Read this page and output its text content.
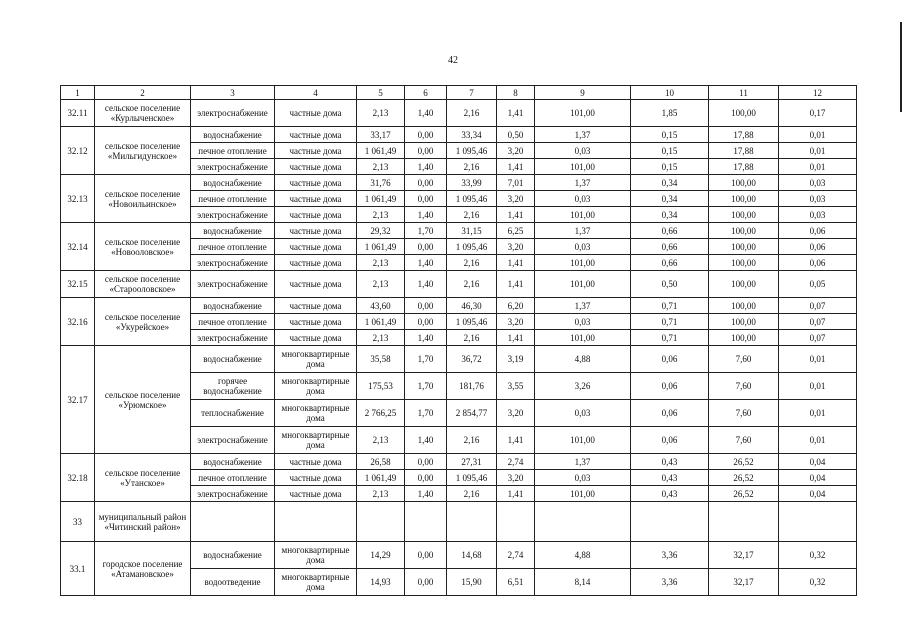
42
1	2	3	4	5	6	7	8	9	10	11	12
32.11	сельское поселение «Курлыченское»	электроснабжение	частные дома	2,13	1,40	2,16	1,41	101,00	1,85	100,00	0,17
32.12	сельское поселение «Мильгидунское»	водоснабжение	частные дома	33,17	0,00	33,34	0,50	1,37	0,15	17,88	0,01
		печное отопление	частные дома	1 061,49	0,00	1 095,46	3,20	0,03	0,15	17,88	0,01
		электроснабжение	частные дома	2,13	1,40	2,16	1,41	101,00	0,15	17,88	0,01
32.13	сельское поселение «Новоильинское»	водоснабжение	частные дома	31,76	0,00	33,99	7,01	1,37	0,34	100,00	0,03
		печное отопление	частные дома	1 061,49	0,00	1 095,46	3,20	0,03	0,34	100,00	0,03
		электроснабжение	частные дома	2,13	1,40	2,16	1,41	101,00	0,34	100,00	0,03
32.14	сельское поселение «Новооловское»	водоснабжение	частные дома	29,32	1,70	31,15	6,25	1,37	0,66	100,00	0,06
		печное отопление	частные дома	1 061,49	0,00	1 095,46	3,20	0,03	0,66	100,00	0,06
		электроснабжение	частные дома	2,13	1,40	2,16	1,41	101,00	0,66	100,00	0,06
32.15	сельское поселение «Старооловское»	электроснабжение	частные дома	2,13	1,40	2,16	1,41	101,00	0,50	100,00	0,05
32.16	сельское поселение «Укурейское»	водоснабжение	частные дома	43,60	0,00	46,30	6,20	1,37	0,71	100,00	0,07
		печное отопление	частные дома	1 061,49	0,00	1 095,46	3,20	0,03	0,71	100,00	0,07
		электроснабжение	частные дома	2,13	1,40	2,16	1,41	101,00	0,71	100,00	0,07
32.17	сельское поселение «Урюмское»	водоснабжение	многоквартирные дома	35,58	1,70	36,72	3,19	4,88	0,06	7,60	0,01
		горячее водоснабжение	многоквартирные дома	175,53	1,70	181,76	3,55	3,26	0,06	7,60	0,01
		теплоснабжение	многоквартирные дома	2 766,25	1,70	2 854,77	3,20	0,03	0,06	7,60	0,01
		электроснабжение	многоквартирные дома	2,13	1,40	2,16	1,41	101,00	0,06	7,60	0,01
32.18	сельское поселение «Утанское»	водоснабжение	частные дома	26,58	0,00	27,31	2,74	1,37	0,43	26,52	0,04
		печное отопление	частные дома	1 061,49	0,00	1 095,46	3,20	0,03	0,43	26,52	0,04
		электроснабжение	частные дома	2,13	1,40	2,16	1,41	101,00	0,43	26,52	0,04
33	муниципальный район «Читинский район»										
33.1	городское поселение «Атамановское»	водоснабжение	многоквартирные дома	14,29	0,00	14,68	2,74	4,88	3,36	32,17	0,32
		водоотведение	многоквартирные дома	14,93	0,00	15,90	6,51	8,14	3,36	32,17	0,32
